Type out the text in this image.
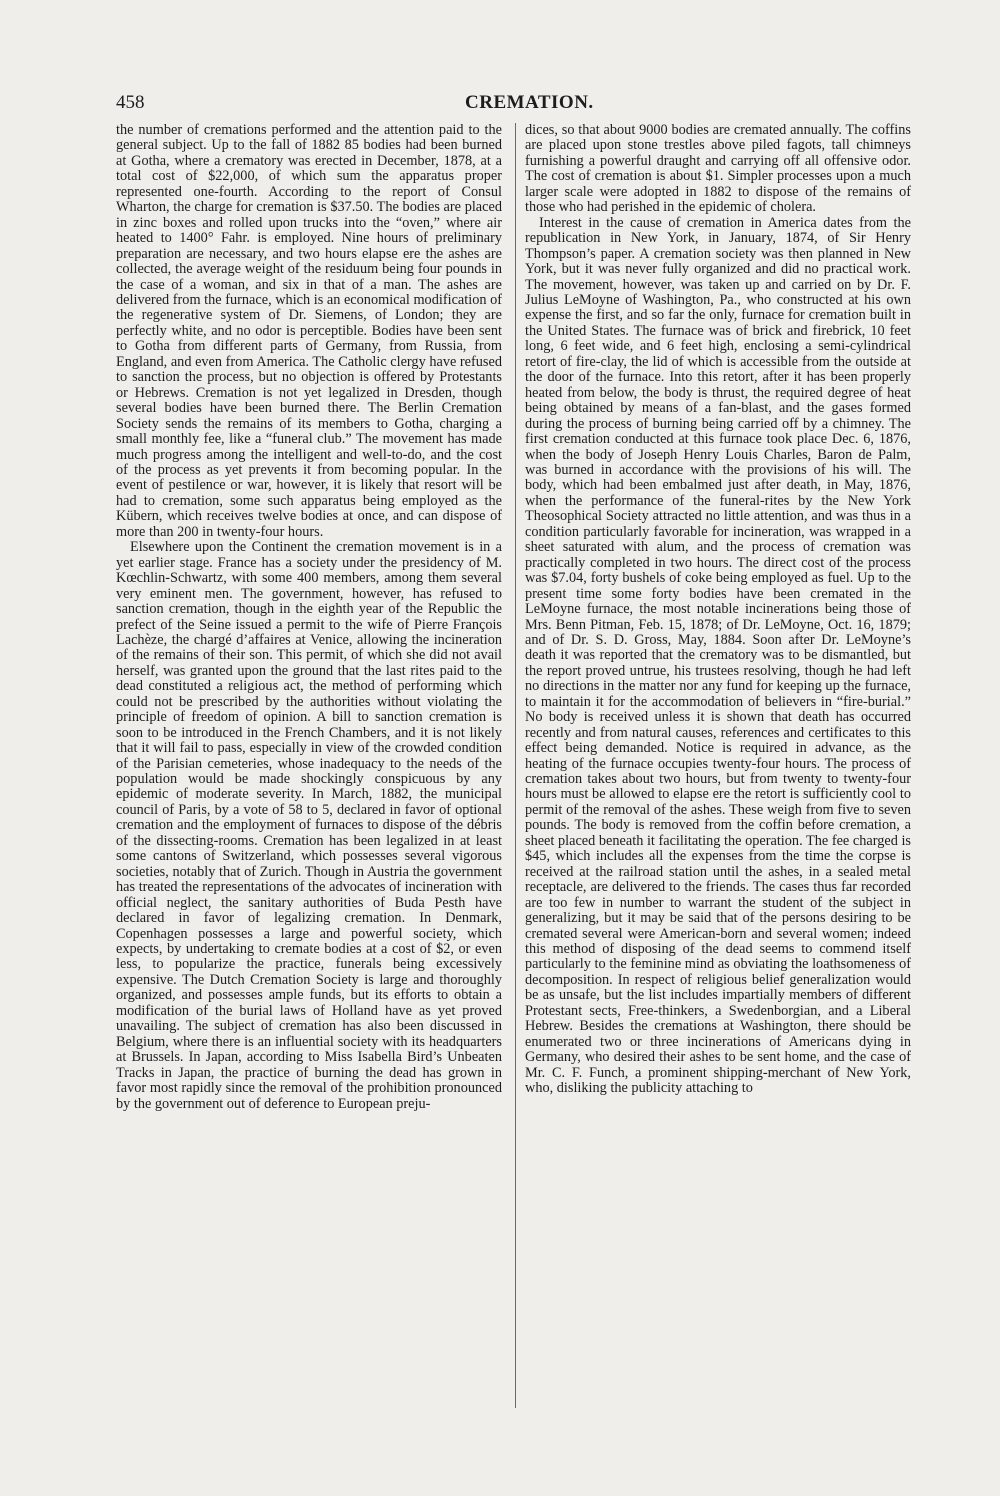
458	CREMATION.

the number of cremations performed and the attention paid to the general subject. Up to the fall of 1882 85 bodies had been burned at Gotha, where a crematory was erected in December, 1878, at a total cost of $22,000, of which sum the apparatus proper represented one-fourth. According to the report of Consul Wharton, the charge for cremation is $37.50. The bodies are placed in zinc boxes and rolled upon trucks into the “oven,” where air heated to 1400° Fahr. is employed. Nine hours of preliminary preparation are necessary, and two hours elapse ere the ashes are collected, the average weight of the residuum being four pounds in the case of a woman, and six in that of a man. The ashes are delivered from the furnace, which is an economical modification of the regenerative system of Dr. Siemens, of London; they are perfectly white, and no odor is perceptible. Bodies have been sent to Gotha from different parts of Germany, from Russia, from England, and even from America. The Catholic clergy have refused to sanction the process, but no objection is offered by Protestants or Hebrews. Cremation is not yet legalized in Dresden, though several bodies have been burned there. The Berlin Cremation Society sends the remains of its members to Gotha, charging a small monthly fee, like a “funeral club.” The movement has made much progress among the intelligent and well-to-do, and the cost of the process as yet prevents it from becoming popular. In the event of pestilence or war, however, it is likely that resort will be had to cremation, some such apparatus being employed as the Kübern, which receives twelve bodies at once, and can dispose of more than 200 in twenty-four hours.

Elsewhere upon the Continent the cremation movement is in a yet earlier stage. France has a society under the presidency of M. Kœchlin-Schwartz, with some 400 members, among them several very eminent men. The government, however, has refused to sanction cremation, though in the eighth year of the Republic the prefect of the Seine issued a permit to the wife of Pierre François Lachèze, the chargé d’affaires at Venice, allowing the incineration of the remains of their son. This permit, of which she did not avail herself, was granted upon the ground that the last rites paid to the dead constituted a religious act, the method of performing which could not be prescribed by the authorities without violating the principle of freedom of opinion. A bill to sanction cremation is soon to be introduced in the French Chambers, and it is not likely that it will fail to pass, especially in view of the crowded condition of the Parisian cemeteries, whose inadequacy to the needs of the population would be made shockingly conspicuous by any epidemic of moderate severity. In March, 1882, the municipal council of Paris, by a vote of 58 to 5, declared in favor of optional cremation and the employment of furnaces to dispose of the débris of the dissecting-rooms. Cremation has been legalized in at least some cantons of Switzerland, which possesses several vigorous societies, notably that of Zurich. Though in Austria the government has treated the representations of the advocates of incineration with official neglect, the sanitary authorities of Buda Pesth have declared in favor of legalizing cremation. In Denmark, Copenhagen possesses a large and powerful society, which expects, by undertaking to cremate bodies at a cost of $2, or even less, to popularize the practice, funerals being excessively expensive. The Dutch Cremation Society is large and thoroughly organized, and possesses ample funds, but its efforts to obtain a modification of the burial laws of Holland have as yet proved unavailing. The subject of cremation has also been discussed in Belgium, where there is an influential society with its headquarters at Brussels. In Japan, according to Miss Isabella Bird’s Unbeaten Tracks in Japan, the practice of burning the dead has grown in favor most rapidly since the removal of the prohibition pronounced by the government out of deference to European preju-

dices, so that about 9000 bodies are cremated annually. The coffins are placed upon stone trestles above piled fagots, tall chimneys furnishing a powerful draught and carrying off all offensive odor. The cost of cremation is about $1. Simpler processes upon a much larger scale were adopted in 1882 to dispose of the remains of those who had perished in the epidemic of cholera.

Interest in the cause of cremation in America dates from the republication in New York, in January, 1874, of Sir Henry Thompson’s paper. A cremation society was then planned in New York, but it was never fully organized and did no practical work. The movement, however, was taken up and carried on by Dr. F. Julius LeMoyne of Washington, Pa., who constructed at his own expense the first, and so far the only, furnace for cremation built in the United States. The furnace was of brick and firebrick, 10 feet long, 6 feet wide, and 6 feet high, enclosing a semi-cylindrical retort of fire-clay, the lid of which is accessible from the outside at the door of the furnace. Into this retort, after it has been properly heated from below, the body is thrust, the required degree of heat being obtained by means of a fan-blast, and the gases formed during the process of burning being carried off by a chimney. The first cremation conducted at this furnace took place Dec. 6, 1876, when the body of Joseph Henry Louis Charles, Baron de Palm, was burned in accordance with the provisions of his will. The body, which had been embalmed just after death, in May, 1876, when the performance of the funeral-rites by the New York Theosophical Society attracted no little attention, and was thus in a condition particularly favorable for incineration, was wrapped in a sheet saturated with alum, and the process of cremation was practically completed in two hours. The direct cost of the process was $7.04, forty bushels of coke being employed as fuel. Up to the present time some forty bodies have been cremated in the LeMoyne furnace, the most notable incinerations being those of Mrs. Benn Pitman, Feb. 15, 1878; of Dr. LeMoyne, Oct. 16, 1879; and of Dr. S. D. Gross, May, 1884. Soon after Dr. LeMoyne’s death it was reported that the crematory was to be dismantled, but the report proved untrue, his trustees resolving, though he had left no directions in the matter nor any fund for keeping up the furnace, to maintain it for the accommodation of believers in “fire-burial.” No body is received unless it is shown that death has occurred recently and from natural causes, references and certificates to this effect being demanded. Notice is required in advance, as the heating of the furnace occupies twenty-four hours. The process of cremation takes about two hours, but from twenty to twenty-four hours must be allowed to elapse ere the retort is sufficiently cool to permit of the removal of the ashes. These weigh from five to seven pounds. The body is removed from the coffin before cremation, a sheet placed beneath it facilitating the operation. The fee charged is $45, which includes all the expenses from the time the corpse is received at the railroad station until the ashes, in a sealed metal receptacle, are delivered to the friends. The cases thus far recorded are too few in number to warrant the student of the subject in generalizing, but it may be said that of the persons desiring to be cremated several were American-born and several women; indeed this method of disposing of the dead seems to commend itself particularly to the feminine mind as obviating the loathsomeness of decomposition. In respect of religious belief generalization would be as unsafe, but the list includes impartially members of different Protestant sects, Free-thinkers, a Swedenborgian, and a Liberal Hebrew. Besides the cremations at Washington, there should be enumerated two or three incinerations of Americans dying in Germany, who desired their ashes to be sent home, and the case of Mr. C. F. Funch, a prominent shipping-merchant of New York, who, disliking the publicity attaching to
